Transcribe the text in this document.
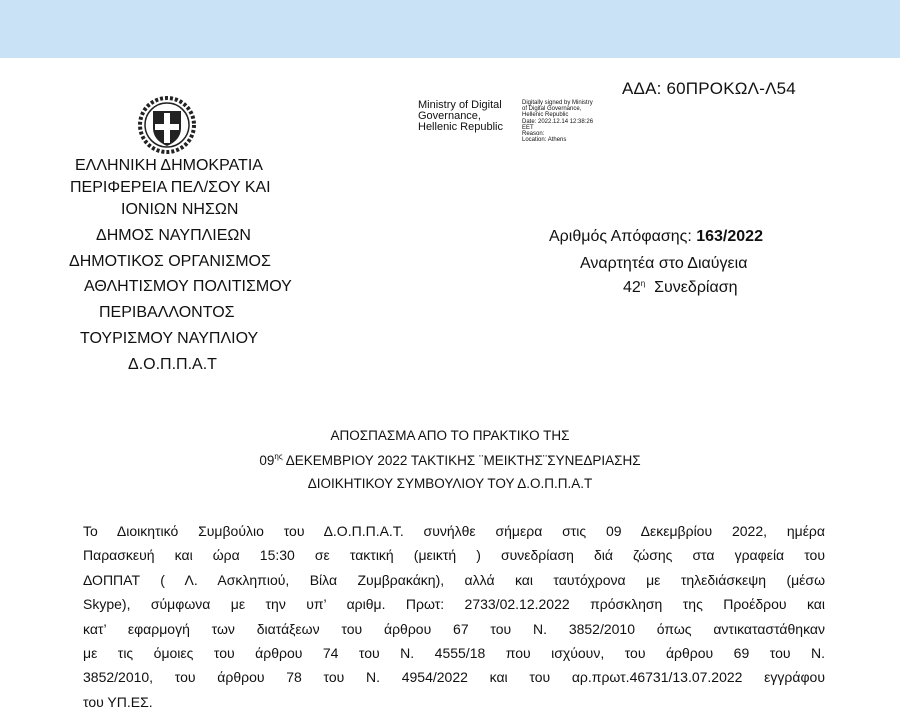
ΑΔΑ: 60ΠΡΟΚΩΛ-Λ54
Ministry of Digital
Governance,
Hellenic Republic
Digitally signed by Ministry
of Digital Governance,
Hellenic Republic
Date: 2022.12.14 12:38:26
EET
Reason:
Location: Athens
ΕΛΛΗΝΙΚΗ ΔΗΜΟΚΡΑΤΙΑ
ΠΕΡΙΦΕΡΕΙΑ ΠΕΛ/ΣΟΥ ΚΑΙ
ΙΟΝΙΩΝ ΝΗΣΩΝ
ΔΗΜΟΣ ΝΑΥΠΛΙΕΩΝ
ΔΗΜΟΤΙΚΟΣ ΟΡΓΑΝΙΣΜΟΣ
ΑΘΛΗΤΙΣΜΟΥ ΠΟΛΙΤΙΣΜΟΥ
ΠΕΡΙΒΑΛΛΟΝΤΟΣ
ΤΟΥΡΙΣΜΟΥ ΝΑΥΠΛΙΟΥ
Δ.Ο.Π.Π.Α.Τ
Αριθμός Απόφασης: 163/2022
Αναρτητέα στο Διαύγεια
$42^\eta$ Συνεδρίαση
ΑΠΟΣΠΑΣΜΑ ΑΠΟ ΤΟ ΠΡΑΚΤΙΚΟ ΤΗΣ
$09^{\eta\varsigma}$ ΔΕΚΕΜΒΡΙΟΥ 2022 ΤΑΚΤΙΚΗΣ ¨ΜΕΙΚΤΗΣ¨ΣΥΝΕΔΡΙΑΣΗΣ
ΔΙΟΙΚΗΤΙΚΟΥ ΣΥΜΒΟΥΛΙΟΥ ΤΟΥ Δ.Ο.Π.Π.Α.Τ
Το Διοικητικό Συμβούλιο του Δ.Ο.Π.Π.Α.Τ. συνήλθε σήμερα στις 09 Δεκεμβρίου 2022, ημέρα
Παρασκευή και ώρα 15:30 σε τακτική (μεικτή ) συνεδρίαση διά ζώσης στα γραφεία του
ΔΟΠΠΑΤ ( Λ. Ασκληπιού, Βίλα Ζυμβρακάκη), αλλά και ταυτόχρονα με τηλεδιάσκεψη (μέσω
Skype), σύμφωνα με την υπ’ αριθμ. Πρωτ: 2733/02.12.2022 πρόσκληση της Προέδρου και
κατ’ εφαρμογή των διατάξεων του άρθρου 67 του Ν. 3852/2010 όπως αντικαταστάθηκαν
με τις όμοιες του άρθρου 74 του Ν. 4555/18 που ισχύουν, του άρθρου 69 του Ν.
3852/2010, του άρθρου 78 του Ν. 4954/2022 και του αρ.πρωτ.46731/13.07.2022 εγγράφου
του ΥΠ.ΕΣ.
